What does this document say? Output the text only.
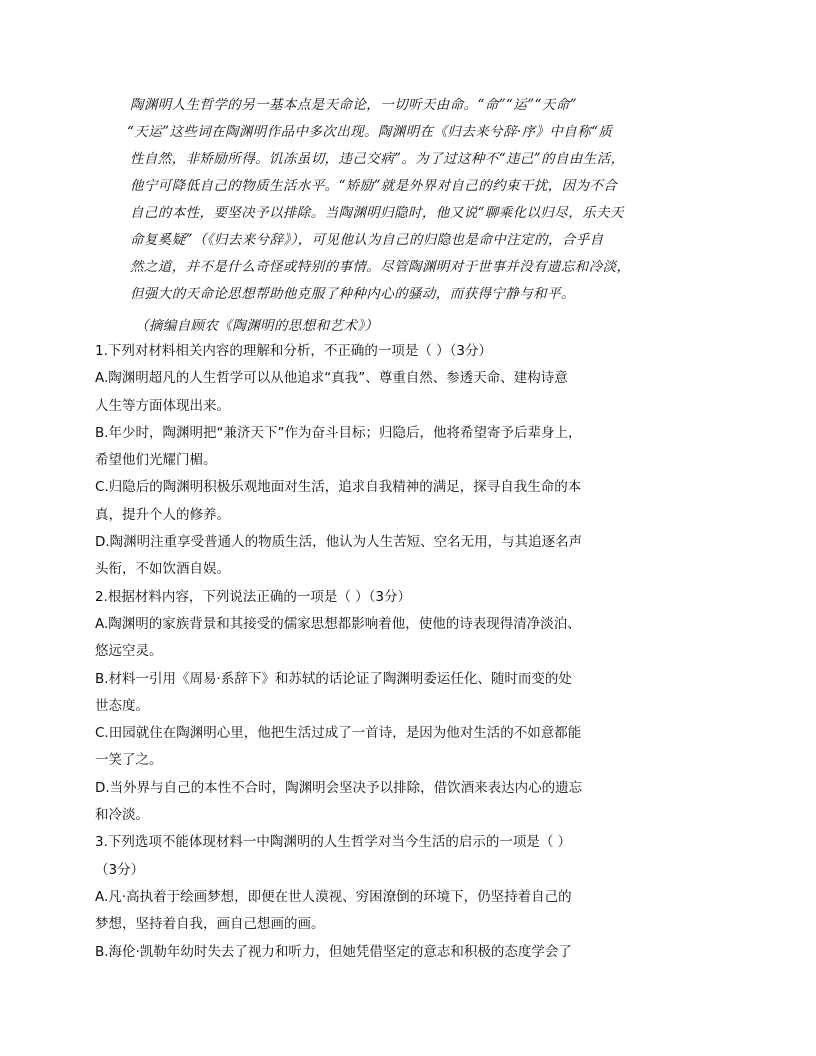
陶渊明人生哲学的另一基本点是天命论，一切听天由命。“命”“运”“天命”
“天运”这些词在陶渊明作品中多次出现。陶渊明在《归去来兮辞·序》中自称“质
性自然，非矫励所得。饥冻虽切，违己交病”。为了过这种不“违己”的自由生活，
他宁可降低自己的物质生活水平。“矫励”就是外界对自己的约束干扰，因为不合
自己的本性，要坚决予以排除。当陶渊明归隐时，他又说“聊乘化以归尽，乐夫天
命复奚疑”（《归去来兮辞》），可见他认为自己的归隐也是命中注定的，合乎自
然之道，并不是什么奇怪或特别的事情。尽管陶渊明对于世事并没有遗忘和冷淡，
但强大的天命论思想帮助他克服了种种内心的骚动，而获得宁静与和平。
（摘编自顾农《陶渊明的思想和艺术》）
1.下列对材料相关内容的理解和分析，不正确的一项是（ ）（3分）
A.陶渊明超凡的人生哲学可以从他追求“真我”、尊重自然、参透天命、建构诗意
人生等方面体现出来。
B.年少时，陶渊明把“兼济天下”作为奋斗目标；归隐后，他将希望寄予后辈身上，
希望他们光耀门楣。
C.归隐后的陶渊明积极乐观地面对生活，追求自我精神的满足，探寻自我生命的本
真，提升个人的修养。
D.陶渊明注重享受普通人的物质生活，他认为人生苦短、空名无用，与其追逐名声
头衔，不如饮酒自娱。
2.根据材料内容，下列说法正确的一项是（ ）（3分）
A.陶渊明的家族背景和其接受的儒家思想都影响着他，使他的诗表现得清净淡泊、
悠远空灵。
B.材料一引用《周易·系辞下》和苏轼的话论证了陶渊明委运任化、随时而变的处
世态度。
C.田园就住在陶渊明心里，他把生活过成了一首诗，是因为他对生活的不如意都能
一笑了之。
D.当外界与自己的本性不合时，陶渊明会坚决予以排除，借饮酒来表达内心的遗忘
和冷淡。
3.下列选项不能体现材料一中陶渊明的人生哲学对当今生活的启示的一项是（ ）
（3分）
A.凡·高执着于绘画梦想，即便在世人漠视、穷困潦倒的环境下，仍坚持着自己的
梦想，坚持着自我，画自己想画的画。
B.海伦·凯勒年幼时失去了视力和听力，但她凭借坚定的意志和积极的态度学会了
